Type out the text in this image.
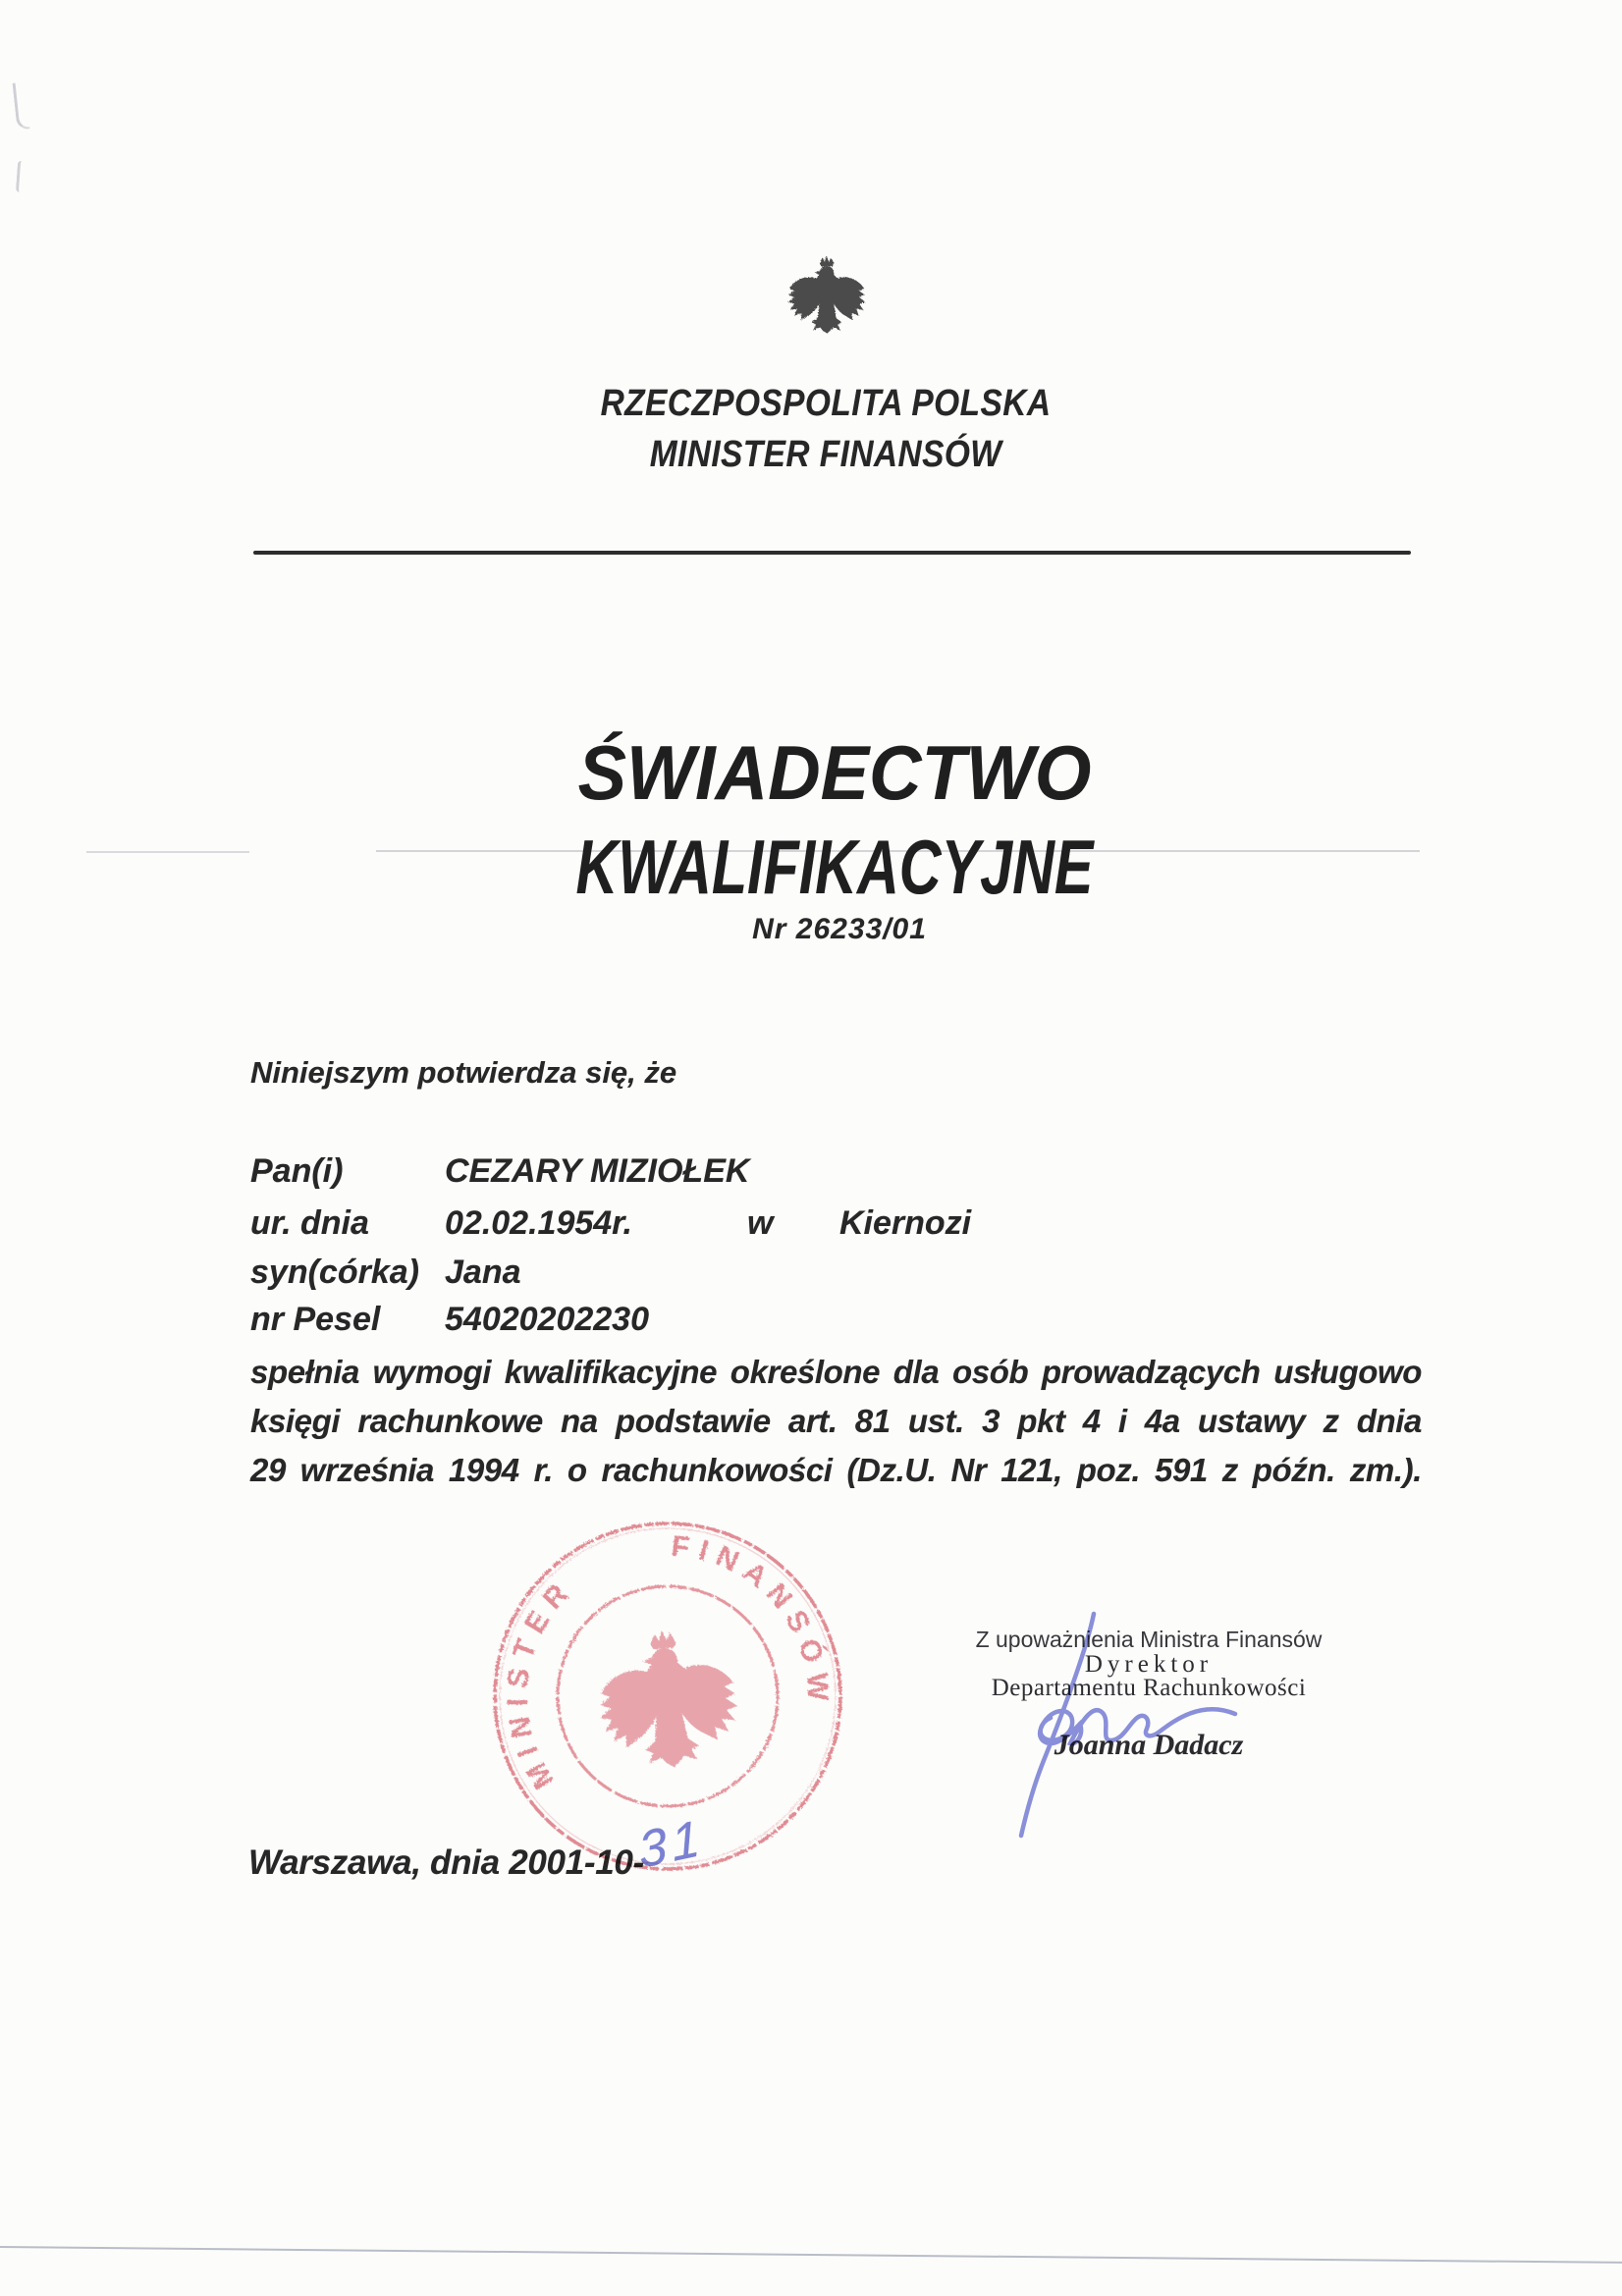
RZECZPOSPOLITA POLSKA
MINISTER FINANSÓW
ŚWIADECTWO
KWALIFIKACYJNE
Nr 26233/01
Niniejszym potwierdza się, że
Pan(i)	CEZARY MIZIOŁEK
ur. dnia 02.02.1954r.	w Kiernozi
syn(córka) Jana
nr Pesel 54020202230
spełnia wymogi kwalifikacyjne określone dla osób prowadzących usługowo
księgi rachunkowe na podstawie art. 81 ust. 3 pkt 4 i 4a ustawy z dnia
29 września 1994 r. o rachunkowości (Dz.U. Nr 121, poz. 591 z późn. zm.).
Warszawa, dnia 2001-10-
MINISTER      FINANSÓW
Z upoważnienia Ministra Finansów
Dyrektor
Departamentu Rachunkowości
Joanna Dadacz
31
